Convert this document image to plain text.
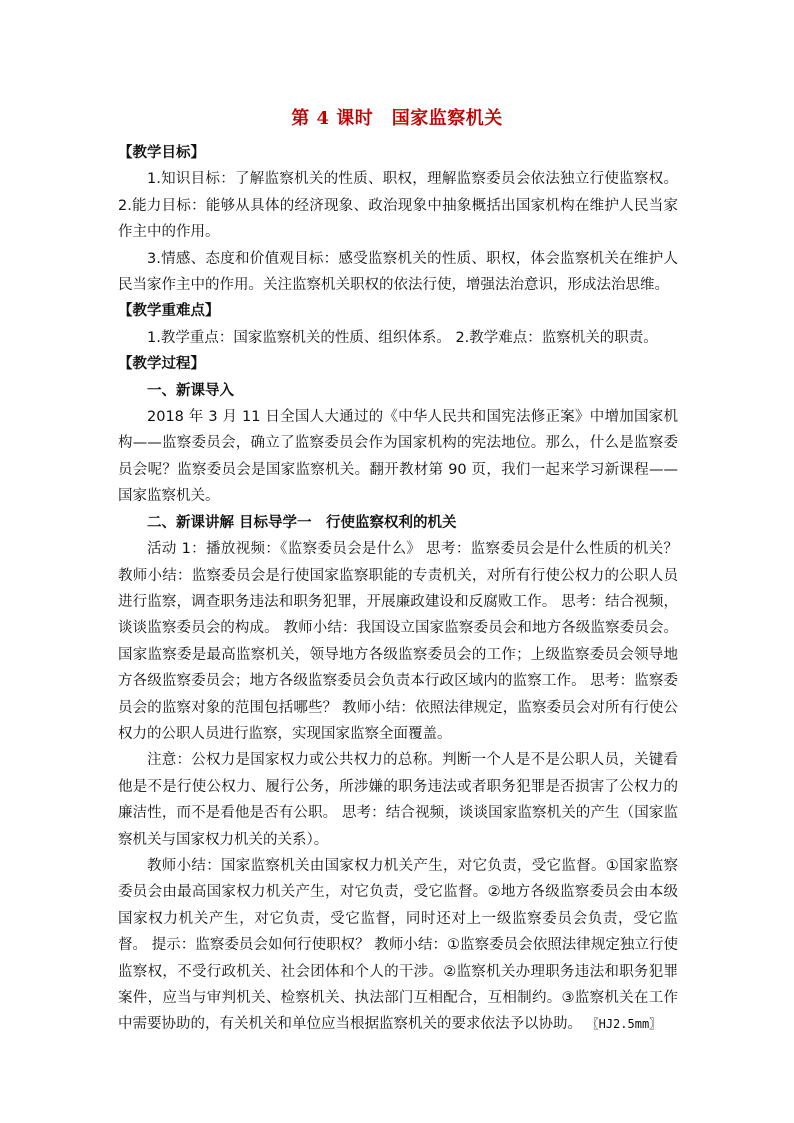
第 4 课时　国家监察机关

【教学目标】

1.知识目标：了解监察机关的性质、职权，理解监察委员会依法独立行使监察权。 2.能力目标：能够从具体的经济现象、政治现象中抽象概括出国家机构在维护人民当家作主中的作用。

3.情感、态度和价值观目标：感受监察机关的性质、职权，体会监察机关在维护人民当家作主中的作用。关注监察机关职权的依法行使，增强法治意识，形成法治思维。

【教学重难点】

1.教学重点：国家监察机关的性质、组织体系。 2.教学难点：监察机关的职责。

【教学过程】

一、新课导入

2018 年 3 月 11 日全国人大通过的《中华人民共和国宪法修正案》中增加国家机构——监察委员会，确立了监察委员会作为国家机构的宪法地位。那么，什么是监察委员会呢？监察委员会是国家监察机关。翻开教材第 90 页，我们一起来学习新课程——国家监察机关。

二、新课讲解 目标导学一　行使监察权利的机关

活动 1：播放视频：《监察委员会是什么》 思考：监察委员会是什么性质的机关？ 教师小结：监察委员会是行使国家监察职能的专责机关，对所有行使公权力的公职人员进行监察，调查职务违法和职务犯罪，开展廉政建设和反腐败工作。 思考：结合视频，谈谈监察委员会的构成。 教师小结：我国设立国家监察委员会和地方各级监察委员会。国家监察委是最高监察机关，领导地方各级监察委员会的工作；上级监察委员会领导地方各级监察委员会；地方各级监察委员会负责本行政区域内的监察工作。 思考：监察委员会的监察对象的范围包括哪些？ 教师小结：依照法律规定，监察委员会对所有行使公权力的公职人员进行监察，实现国家监察全面覆盖。

注意：公权力是国家权力或公共权力的总称。判断一个人是不是公职人员，关键看他是不是行使公权力、履行公务，所涉嫌的职务违法或者职务犯罪是否损害了公权力的廉洁性，而不是看他是否有公职。 思考：结合视频，谈谈国家监察机关的产生（国家监察机关与国家权力机关的关系）。

教师小结：国家监察机关由国家权力机关产生，对它负责，受它监督。①国家监察委员会由最高国家权力机关产生，对它负责，受它监督。②地方各级监察委员会由本级国家权力机关产生，对它负责，受它监督，同时还对上一级监察委员会负责，受它监督。 提示：监察委员会如何行使职权？ 教师小结：①监察委员会依照法律规定独立行使监察权，不受行政机关、社会团体和个人的干涉。②监察机关办理职务违法和职务犯罪案件，应当与审判机关、检察机关、执法部门互相配合，互相制约。③监察机关在工作中需要协助的，有关机关和单位应当根据监察机关的要求依法予以协助。 〖HJ2.5mm〗
